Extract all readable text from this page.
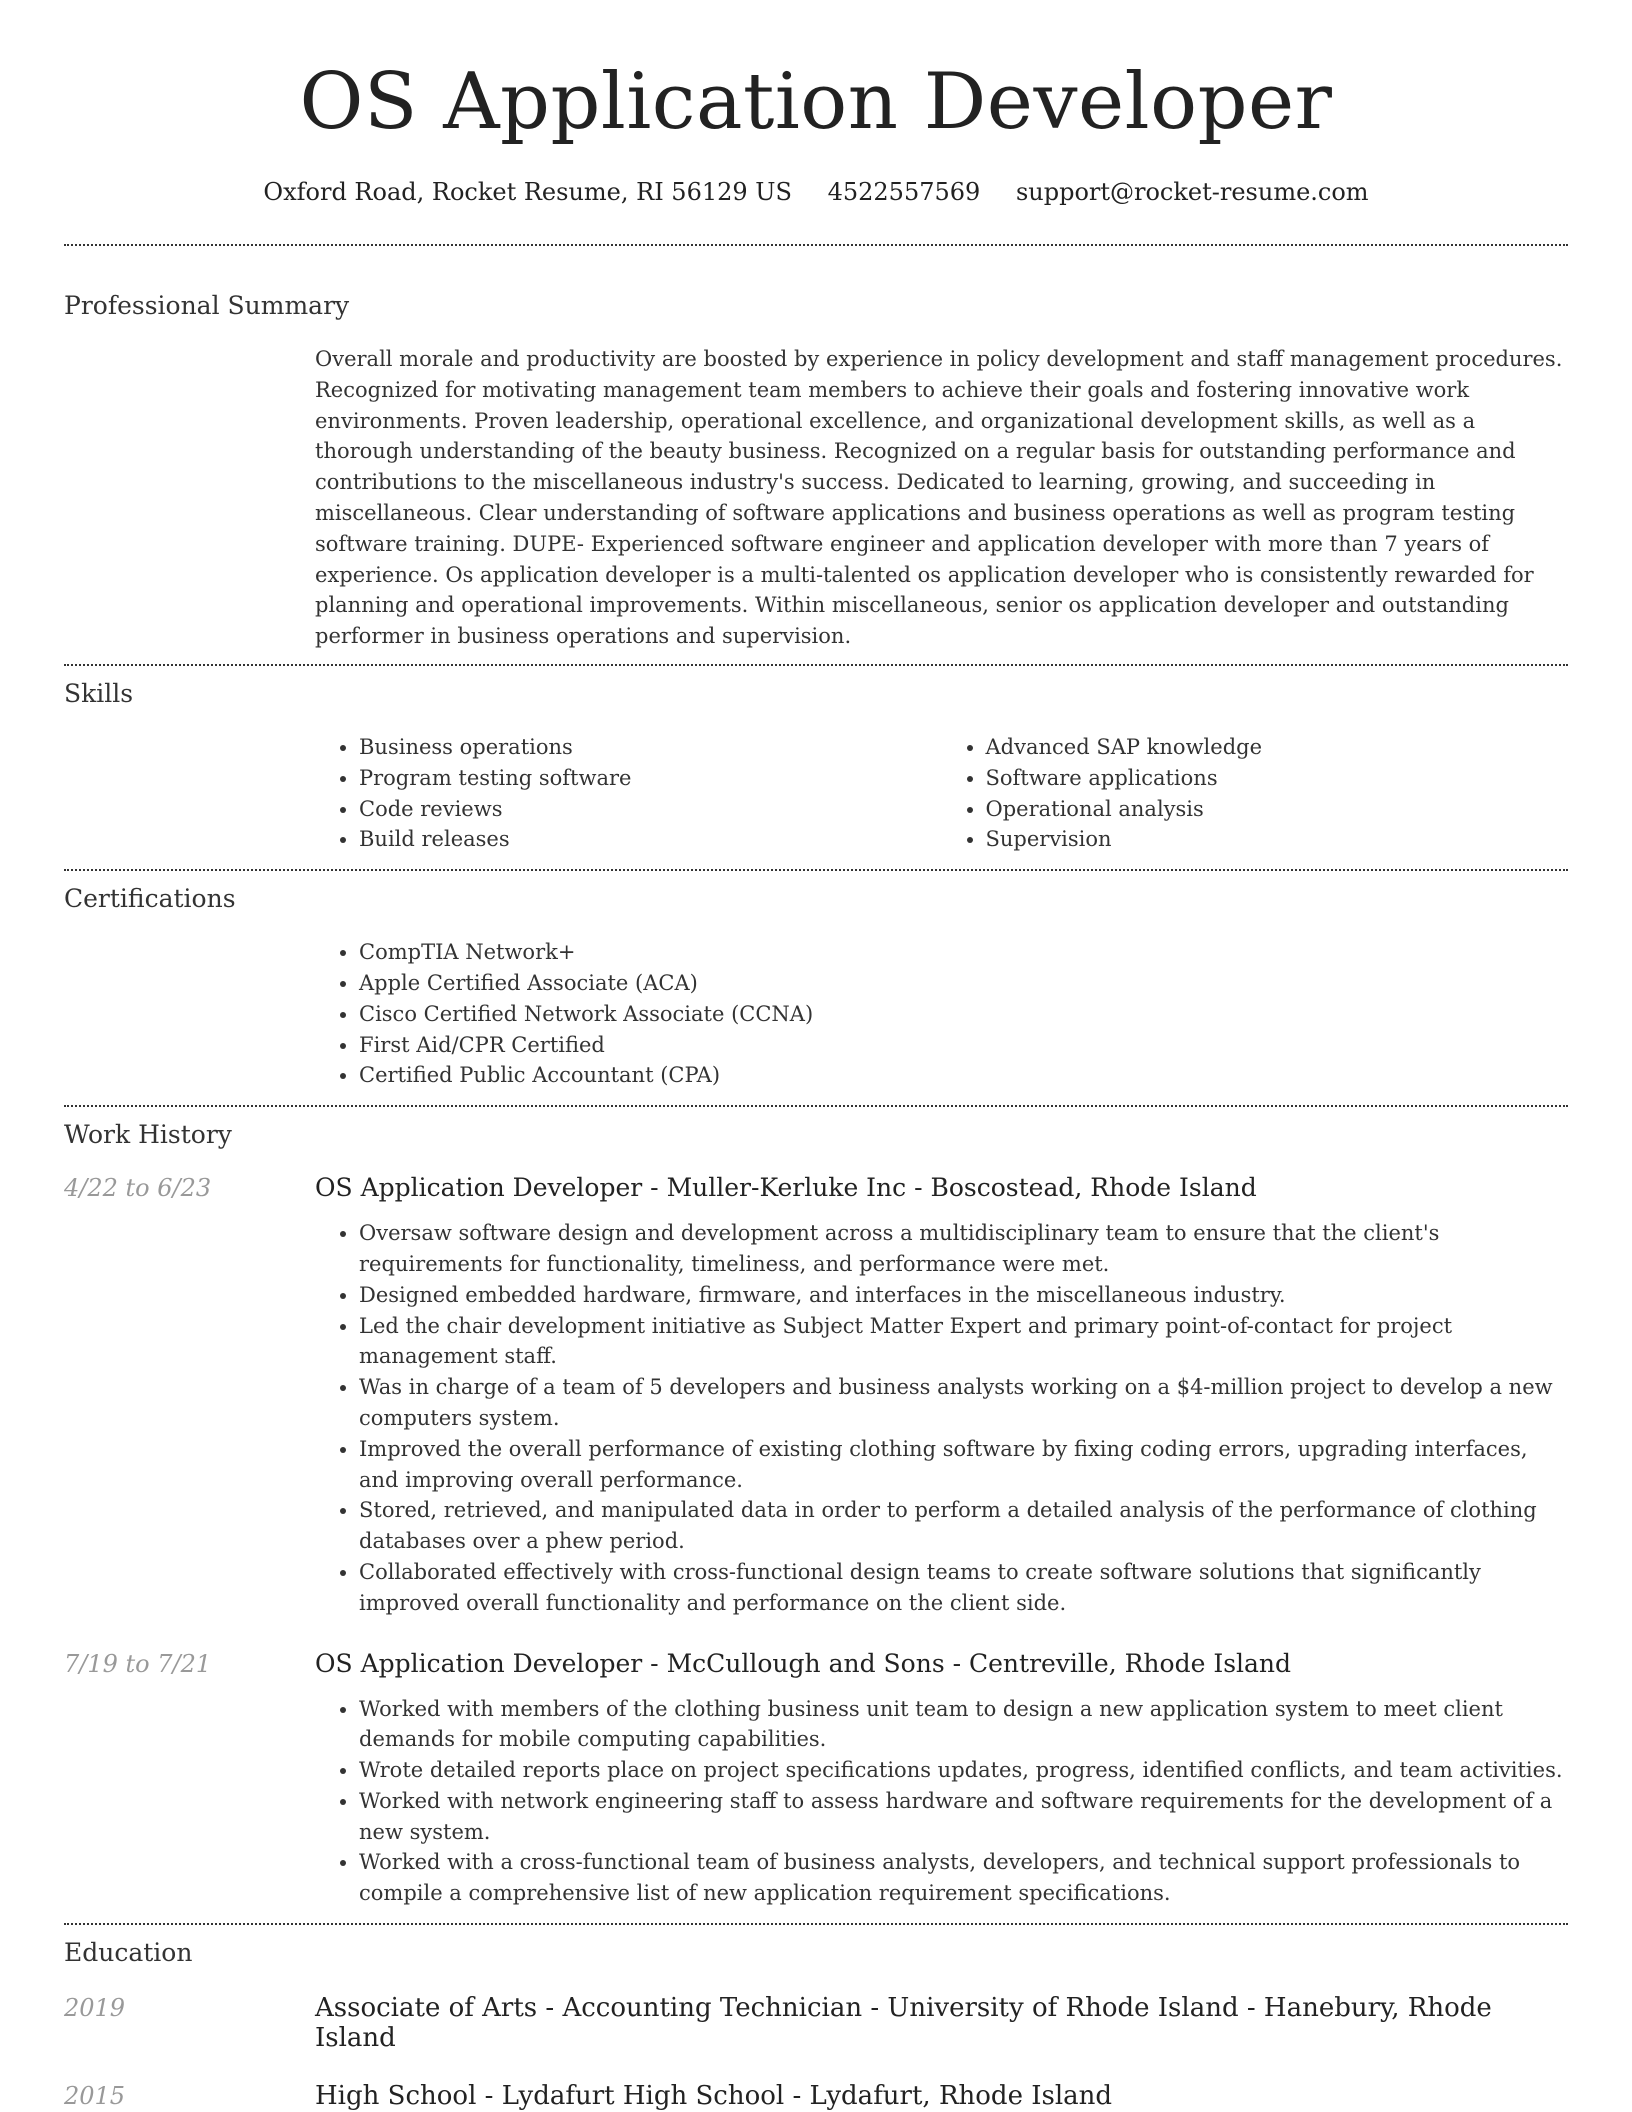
OS Application Developer
Oxford Road, Rocket Resume, RI 56129 US 4522557569 support@rocket-resume.com
Professional Summary

Overall morale and productivity are boosted by experience in policy development and staff management procedures. Recognized for motivating management team members to achieve their goals and fostering innovative work environments. Proven leadership, operational excellence, and organizational development skills, as well as a thorough understanding of the beauty business. Recognized on a regular basis for outstanding performance and contributions to the miscellaneous industry's success. Dedicated to learning, growing, and succeeding in miscellaneous. Clear understanding of software applications and business operations as well as program testing software training. DUPE- Experienced software engineer and application developer with more than 7 years of experience. Os application developer is a multi-talented os application developer who is consistently rewarded for planning and operational improvements. Within miscellaneous, senior os application developer and outstanding performer in business operations and supervision.

Skills
• Business operations
• Program testing software
• Code reviews
• Build releases
• Advanced SAP knowledge
• Software applications
• Operational analysis
• Supervision
Certifications
• CompTIA Network+
• Apple Certified Associate (ACA)
• Cisco Certified Network Associate (CCNA)
• First Aid/CPR Certified
• Certified Public Accountant (CPA)
Work History
4/22 to 6/23	OS Application Developer - Muller-Kerluke Inc - Boscostead, Rhode Island
• Oversaw software design and development across a multidisciplinary team to ensure that the client's requirements for functionality, timeliness, and performance were met.
• Designed embedded hardware, firmware, and interfaces in the miscellaneous industry.
• Led the chair development initiative as Subject Matter Expert and primary point-of-contact for project management staff.
• Was in charge of a team of 5 developers and business analysts working on a $4-million project to develop a new computers system.
• Improved the overall performance of existing clothing software by fixing coding errors, upgrading interfaces, and improving overall performance.
• Stored, retrieved, and manipulated data in order to perform a detailed analysis of the performance of clothing databases over a phew period.
• Collaborated effectively with cross-functional design teams to create software solutions that significantly improved overall functionality and performance on the client side.
7/19 to 7/21	OS Application Developer - McCullough and Sons - Centreville, Rhode Island
• Worked with members of the clothing business unit team to design a new application system to meet client demands for mobile computing capabilities.
• Wrote detailed reports place on project specifications updates, progress, identified conflicts, and team activities.
• Worked with network engineering staff to assess hardware and software requirements for the development of a new system.
• Worked with a cross-functional team of business analysts, developers, and technical support professionals to compile a comprehensive list of new application requirement specifications.
Education
2019	Associate of Arts - Accounting Technician - University of Rhode Island - Hanebury, Rhode Island
2015	High School - Lydafurt High School - Lydafurt, Rhode Island
